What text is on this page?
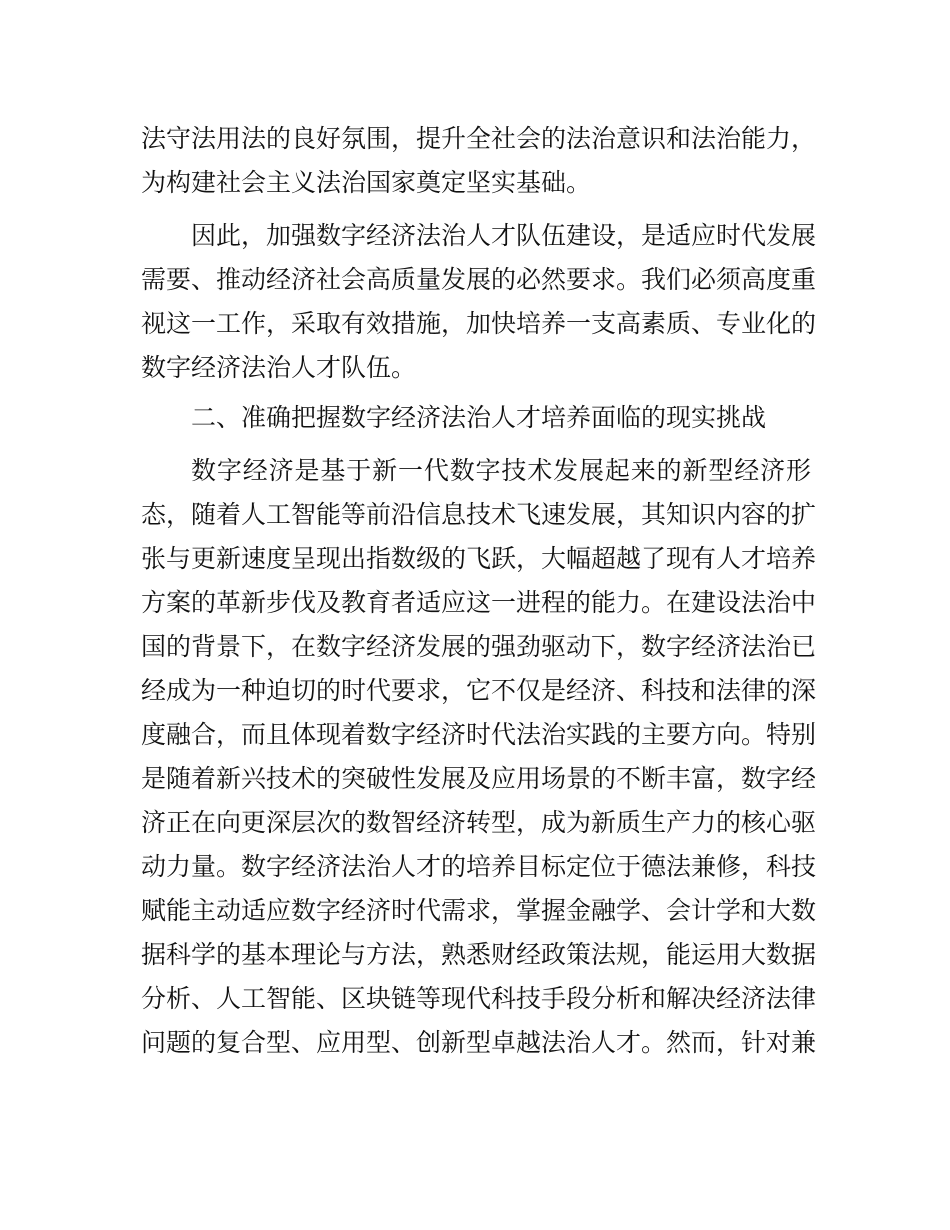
法守法用法的良好氛围，提升全社会的法治意识和法治能力，
为构建社会主义法治国家奠定坚实基础。
因此，加强数字经济法治人才队伍建设，是适应时代发展
需要、推动经济社会高质量发展的必然要求。我们必须高度重
视这一工作，采取有效措施，加快培养一支高素质、专业化的
数字经济法治人才队伍。
二、准确把握数字经济法治人才培养面临的现实挑战
数字经济是基于新一代数字技术发展起来的新型经济形
态，随着人工智能等前沿信息技术飞速发展，其知识内容的扩
张与更新速度呈现出指数级的飞跃，大幅超越了现有人才培养
方案的革新步伐及教育者适应这一进程的能力。在建设法治中
国的背景下，在数字经济发展的强劲驱动下，数字经济法治已
经成为一种迫切的时代要求，它不仅是经济、科技和法律的深
度融合，而且体现着数字经济时代法治实践的主要方向。特别
是随着新兴技术的突破性发展及应用场景的不断丰富，数字经
济正在向更深层次的数智经济转型，成为新质生产力的核心驱
动力量。数字经济法治人才的培养目标定位于德法兼修，科技
赋能主动适应数字经济时代需求，掌握金融学、会计学和大数
据科学的基本理论与方法，熟悉财经政策法规，能运用大数据
分析、人工智能、区块链等现代科技手段分析和解决经济法律
问题的复合型、应用型、创新型卓越法治人才。然而，针对兼
